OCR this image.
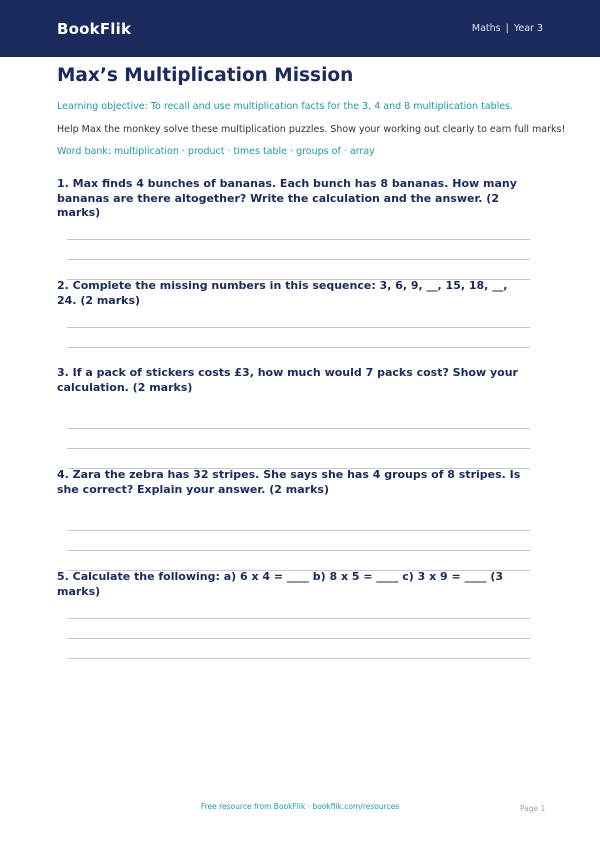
BookFlik	Maths | Year 3
Max’s Multiplication Mission

Learning objective: To recall and use multiplication facts for the 3, 4 and 8 multiplication tables.

Help Max the monkey solve these multiplication puzzles. Show your working out clearly to earn full marks!

Word bank: multiplication · product · times table · groups of · array

1. Max finds 4 bunches of bananas. Each bunch has 8 bananas. How many bananas are there altogether? Write the calculation and the answer. (2 marks)
2. Complete the missing numbers in this sequence: 3, 6, 9, __, 15, 18, __, 24. (2 marks)
3. If a pack of stickers costs £3, how much would 7 packs cost? Show your calculation. (2 marks)
4. Zara the zebra has 32 stripes. She says she has 4 groups of 8 stripes. Is she correct? Explain your answer. (2 marks)
5. Calculate the following: a) 6 x 4 = ____ b) 8 x 5 = ____ c) 3 x 9 = ____ (3 marks)
Free resource from BookFlik · bookflik.com/resources	Page 1
